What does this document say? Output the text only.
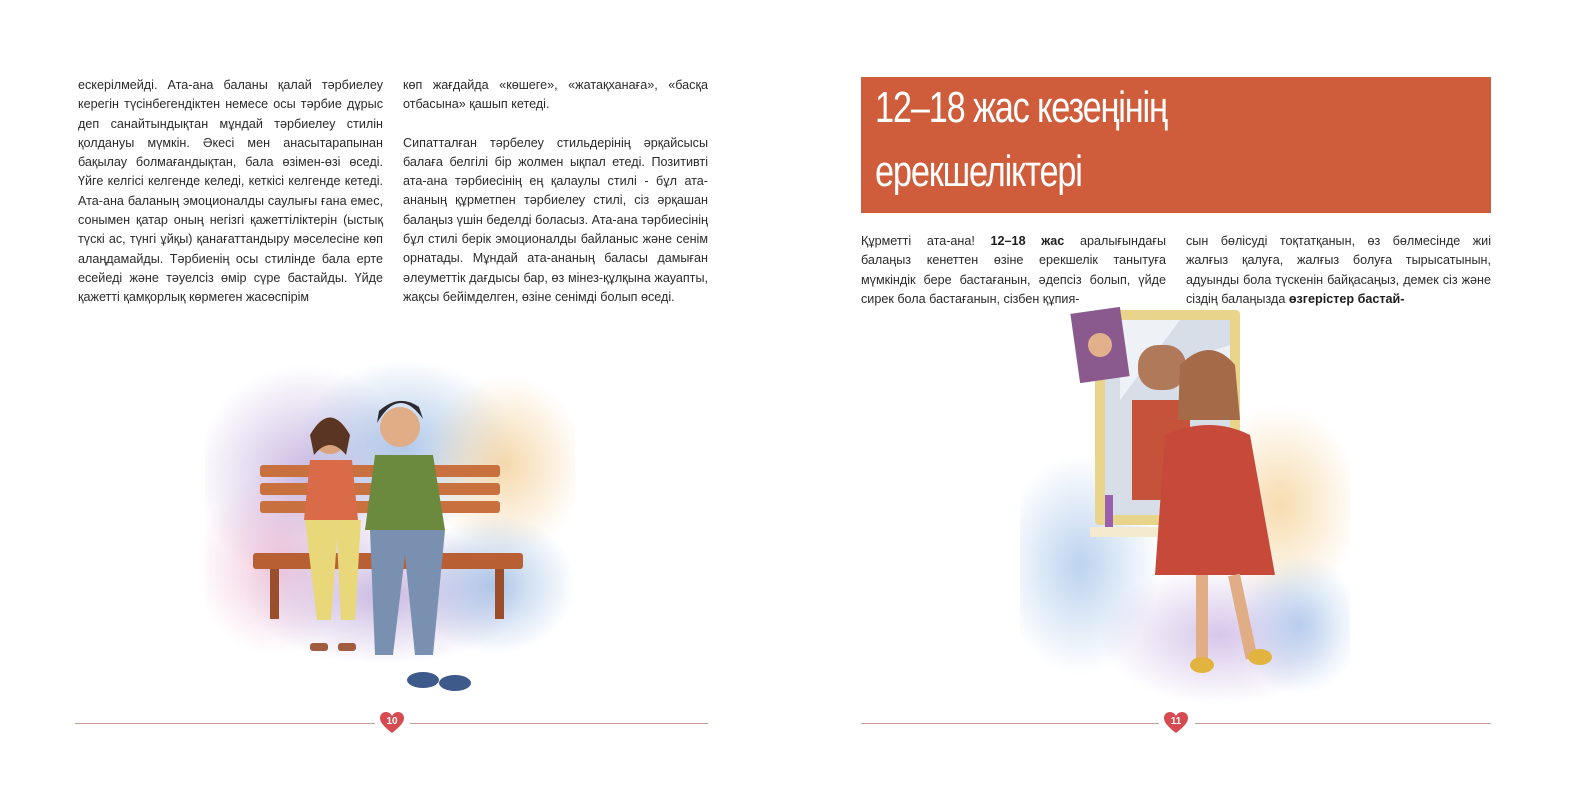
ескерілмейді. Ата-ана баланы қалай тәрбиелеу керегін түсінбегендіктен немесе осы тәрбие дұрыс деп санайтындықтан мұндай тәрбиелеу стилін қолдануы мүмкін. Әкесі мен анасытарапынан бақылау болмағандықтан, бала өзімен-өзі өседі. Үйге келгісі келгенде келеді, кеткісі келгенде кетеді. Ата-ана баланың эмоционалды саулығы ғана емес, сонымен қатар оның негізгі қажеттіліктерін (ыстық түскі ас, түнгі ұйқы) қанағаттандыру мәселесіне көп алаңдамайды. Тәрбиенің осы стилінде бала ерте есейеді және тәуелсіз өмір сүре бастайды. Үйде қажетті қамқорлық көрмеген жасөспірім

көп жағдайда «көшеге», «жатақханаға», «басқа отбасына» қашып кетеді.

Сипатталған тәрбелеу стильдерінің әрқайсысы балаға белгілі бір жолмен ықпал етеді. Позитивті ата-ана тәрбиесінің ең қалаулы стилі - бұл ата-ананың құрметпен тәрбиелеу стилі, сіз әрқашан балаңыз үшін беделді боласыз. Ата-ана тәрбиесінің бұл стилі берік эмоционалды байланыс және сенім орнатады. Мұндай ата-ананың баласы дамыған әлеуметтік дағдысы бар, өз мінез-құлқына жауапты, жақсы бейімделген, өзіне сенімді болып өседі.

10
12–18 жас кезеңінің
ерекшеліктері

Құрметті ата-ана! 12–18 жас аралығындағы балаңыз кенеттен өзіне ерекшелік танытуға мүмкіндік бере бастағанын, әдепсіз болып, үйде сирек бола бастағанын, сізбен құпия-

сын бөлісуді тоқтатқанын, өз бөлмесінде жиі жалғыз қалуға, жалғыз болуға тырысатынын, адуынды бола түскенін байқасаңыз, демек сіз және сіздің балаңызда өзгерістер бастай-

11
